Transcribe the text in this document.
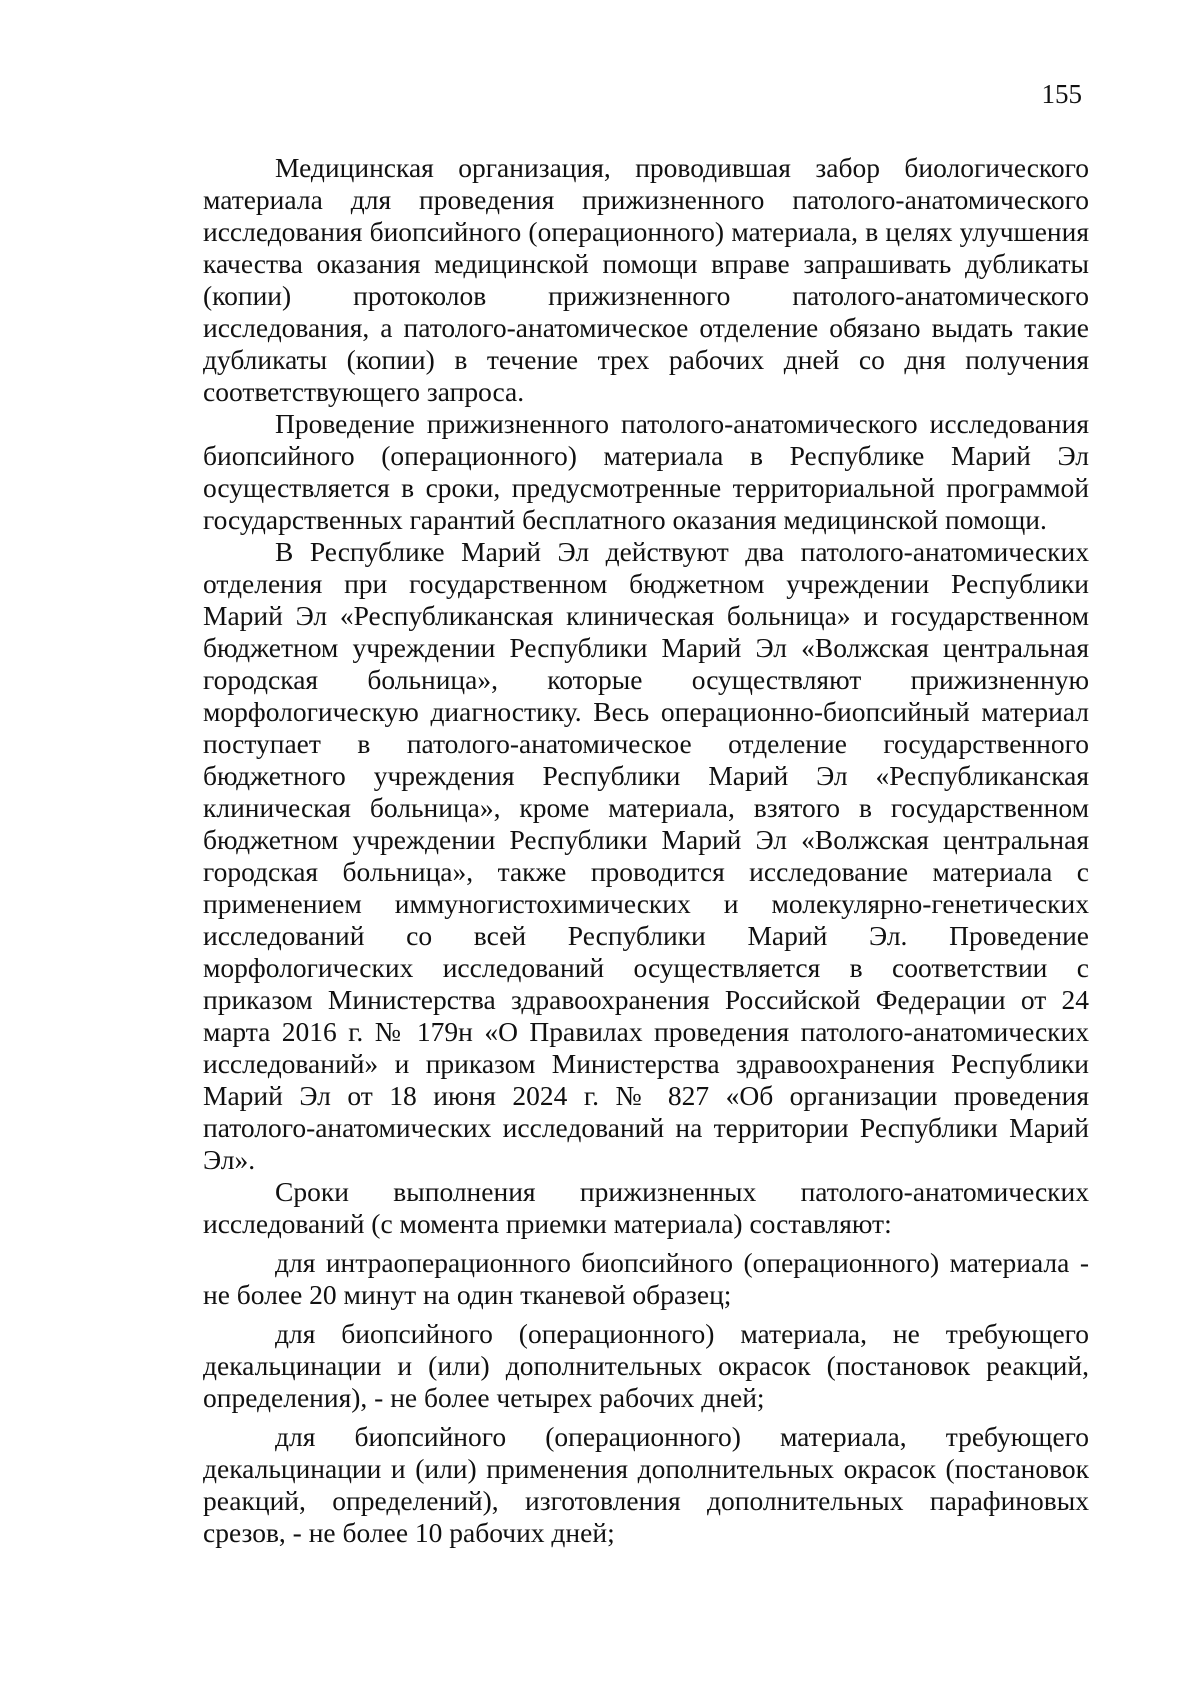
155

Медицинская организация, проводившая забор биологического материала для проведения прижизненного патолого-анатомического исследования биопсийного (операционного) материала, в целях улучшения качества оказания медицинской помощи вправе запрашивать дубликаты (копии) протоколов прижизненного патолого-анатомического исследования, а патолого-анатомическое отделение обязано выдать такие дубликаты (копии) в течение трех рабочих дней со дня получения соответствующего запроса.

Проведение прижизненного патолого-анатомического исследования биопсийного (операционного) материала в Республике Марий Эл осуществляется в сроки, предусмотренные территориальной программой государственных гарантий бесплатного оказания медицинской помощи.

В Республике Марий Эл действуют два патолого-анатомических отделения при государственном бюджетном учреждении Республики Марий Эл «Республиканская клиническая больница» и государственном бюджетном учреждении Республики Марий Эл «Волжская центральная городская больница», которые осуществляют прижизненную морфологическую диагностику. Весь операционно-биопсийный материал поступает в патолого-анатомическое отделение государственного бюджетного учреждения Республики Марий Эл «Республиканская клиническая больница», кроме материала, взятого в государственном бюджетном учреждении Республики Марий Эл «Волжская центральная городская больница», также проводится исследование материала с применением иммуногистохимических и молекулярно-генетических исследований со всей Республики Марий Эл. Проведение морфологических исследований осуществляется в соответствии с приказом Министерства здравоохранения Российской Федерации от 24 марта 2016 г. № 179н «О Правилах проведения патолого-анатомических исследований» и приказом Министерства здравоохранения Республики Марий Эл от 18 июня 2024 г. № 827 «Об организации проведения патолого-анатомических исследований на территории Республики Марий Эл».

Сроки выполнения прижизненных патолого-анатомических исследований (с момента приемки материала) составляют:

для интраоперационного биопсийного (операционного) материала - не более 20 минут на один тканевой образец;

для биопсийного (операционного) материала, не требующего декальцинации и (или) дополнительных окрасок (постановок реакций, определения), - не более четырех рабочих дней;

для биопсийного (операционного) материала, требующего декальцинации и (или) применения дополнительных окрасок (постановок реакций, определений), изготовления дополнительных парафиновых срезов, - не более 10 рабочих дней;
